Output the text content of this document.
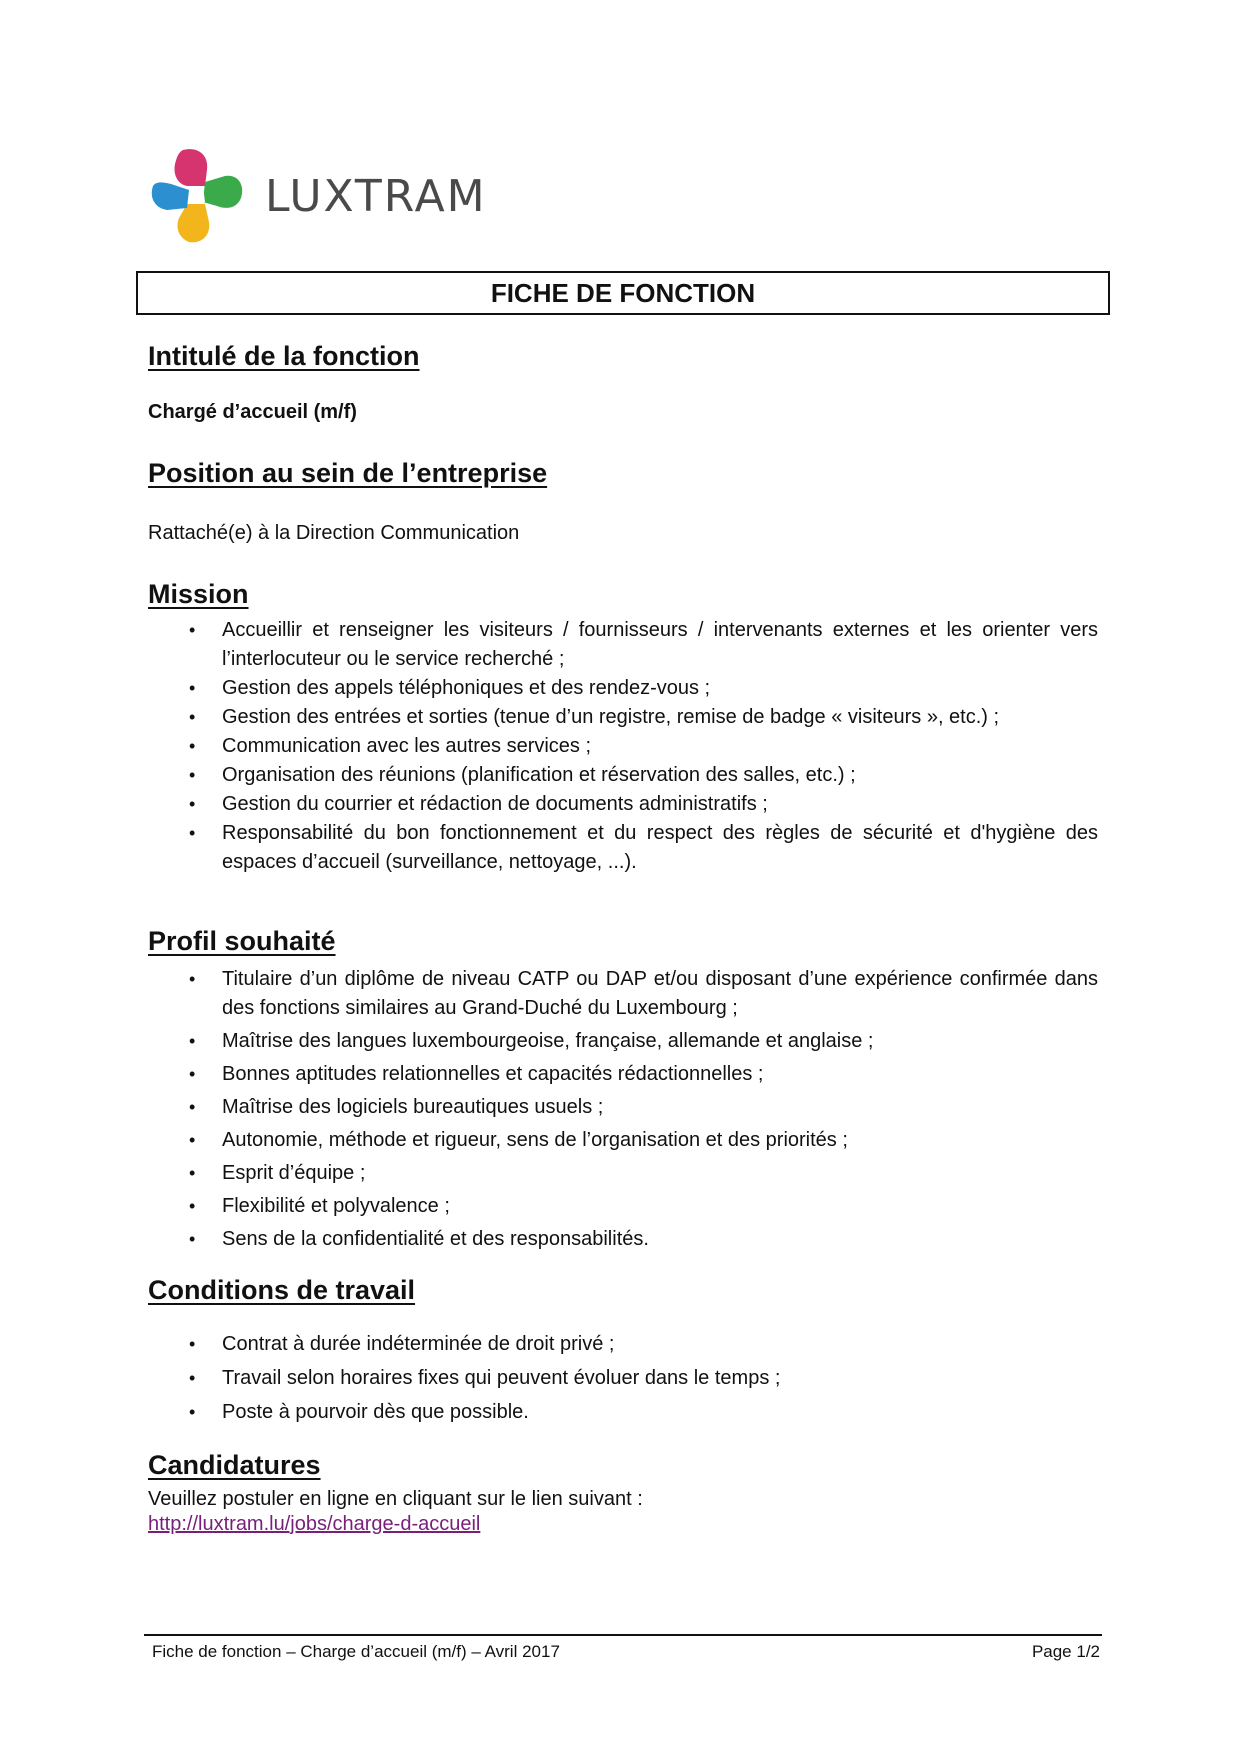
LUXTRAM
FICHE DE FONCTION
Intitulé de la fonction

Chargé d’accueil (m/f)

Position au sein de l’entreprise

Rattaché(e) à la Direction Communication

Mission
• Accueillir et renseigner les visiteurs / fournisseurs / intervenants externes et les orienter vers l’interlocuteur ou le service recherché ;
• Gestion des appels téléphoniques et des rendez-vous ;
• Gestion des entrées et sorties (tenue d’un registre, remise de badge « visiteurs », etc.) ;
• Communication avec les autres services ;
• Organisation des réunions (planification et réservation des salles, etc.) ;
• Gestion du courrier et rédaction de documents administratifs ;
• Responsabilité du bon fonctionnement et du respect des règles de sécurité et d'hygiène des espaces d’accueil (surveillance, nettoyage, ...).
Profil souhaité
• Titulaire d’un diplôme de niveau CATP ou DAP et/ou disposant d’une expérience confirmée dans des fonctions similaires au Grand-Duché du Luxembourg ;
• Maîtrise des langues luxembourgeoise, française, allemande et anglaise ;
• Bonnes aptitudes relationnelles et capacités rédactionnelles ;
• Maîtrise des logiciels bureautiques usuels ;
• Autonomie, méthode et rigueur, sens de l’organisation et des priorités ;
• Esprit d’équipe ;
• Flexibilité et polyvalence ;
• Sens de la confidentialité et des responsabilités.
Conditions de travail
• Contrat à durée indéterminée de droit privé ;
• Travail selon horaires fixes qui peuvent évoluer dans le temps ;
• Poste à pourvoir dès que possible.
Candidatures

Veuillez postuler en ligne en cliquant sur le lien suivant :

http://luxtram.lu/jobs/charge-d-accueil
Fiche de fonction – Charge d’accueil (m/f) – Avril 2017	Page 1/2
